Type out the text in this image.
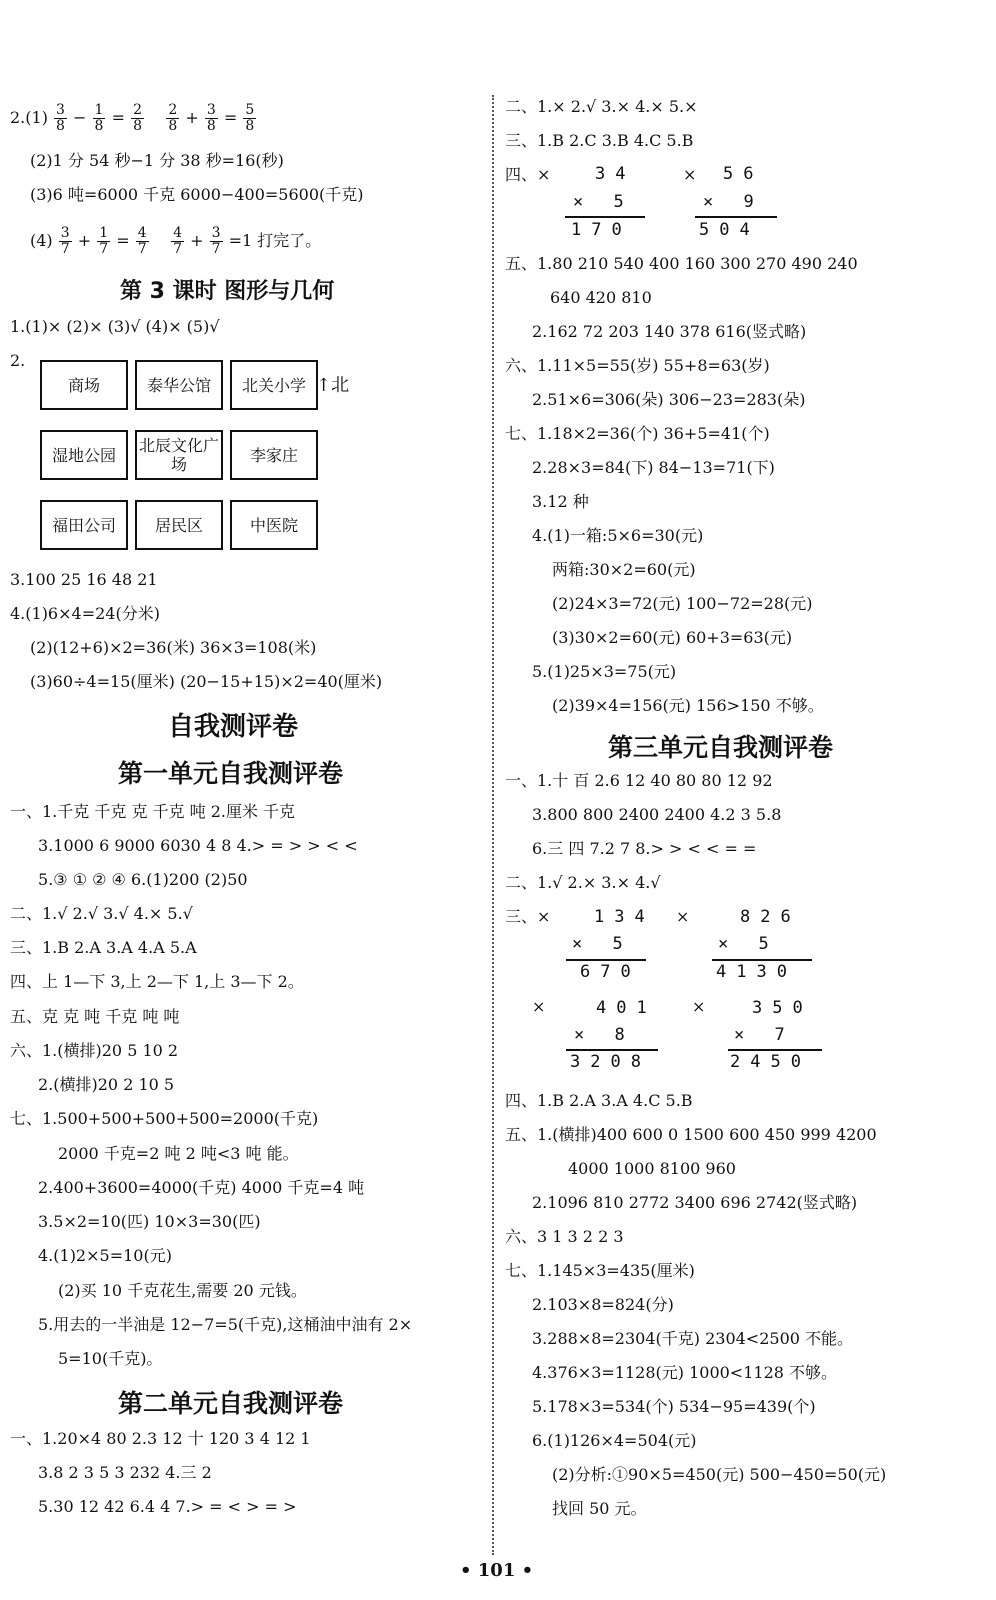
$2.(1) \frac{3}{8} - \frac{1}{8} = \frac{2}{8}$
$\frac{2}{8} + \frac{3}{8} = \frac{5}{8}$
(2)1 分 54 秒−1 分 38 秒=16(秒)
(3)6 吨=6000 千克 6000−400=5600(千克)
$(4) \frac{3}{7} + \frac{1}{7} = \frac{4}{7}$
$\frac{4}{7} + \frac{3}{7} =1$ 打完了。
第 3 课时 图形与几何
1.(1)× (2)× (3)√ (4)× (5)√
2.
商场	泰华公馆	北关小学
湿地公园	北辰文化广场	李家庄
福田公司	居民区	中医院
↑北
3.100 25 16 48 21
4.(1)6×4=24(分米)
(2)(12+6)×2=36(米) 36×3=108(米)
(3)60÷4=15(厘米) (20−15+15)×2=40(厘米)
自我测评卷
第一单元自我测评卷
一、1.千克 千克 克 千克 吨 2.厘米 千克
3.1000 6 9000 6030 4 8 4.> = > > < <
5.③ ① ② ④ 6.(1)200 (2)50
二、1.√ 2.√ 3.√ 4.× 5.√
三、1.B 2.A 3.A 4.A 5.A
四、上 1—下 3,上 2—下 1,上 3—下 2。
五、克 克 吨 千克 吨 吨
六、1.(横排)20 5 10 2
2.(横排)20 2 10 5
七、1.500+500+500+500=2000(千克)
2000 千克=2 吨 2 吨<3 吨 能。
2.400+3600=4000(千克) 4000 千克=4 吨
3.5×2=10(匹) 10×3=30(匹)
4.(1)2×5=10(元)
(2)买 10 千克花生,需要 20 元钱。
5.用去的一半油是 12−7=5(千克),这桶油中油有 2×
5=10(千克)。
第二单元自我测评卷
一、1.20×4 80 2.3 12 十 120 3 4 12 1
3.8 2 3 5 3 232 4.三 2
5.30 12 42 6.4 4 7.> = < > = >
二、1.× 2.√ 3.× 4.× 5.×
三、1.B 2.C 3.B 4.C 5.B
四、×	×
34
× 5
170
56
× 9
504
五、1.80 210 540 400 160 300 270 490 240
640 420 810
2.162 72 203 140 378 616(竖式略)
六、1.11×5=55(岁) 55+8=63(岁)
2.51×6=306(朵) 306−23=283(朵)
七、1.18×2=36(个) 36+5=41(个)
2.28×3=84(下) 84−13=71(下)
3.12 种
4.(1)一箱:5×6=30(元)
两箱:30×2=60(元)
(2)24×3=72(元) 100−72=28(元)
(3)30×2=60(元) 60+3=63(元)
5.(1)25×3=75(元)
(2)39×4=156(元) 156>150 不够。
第三单元自我测评卷
一、1.十 百 2.6 12 40 80 80 12 92
3.800 800 2400 2400 4.2 3 5.8
6.三 四 7.2 7 8.> > < < = =
二、1.√ 2.× 3.× 4.√
三、×	×
×	×
134
× 5
670
826
× 5
4130
401
× 8
3208
350
× 7
2450
四、1.B 2.A 3.A 4.C 5.B
五、1.(横排)400 600 0 1500 600 450 999 4200
4000 1000 8100 960
2.1096 810 2772 3400 696 2742(竖式略)
六、3 1 3 2 2 3
七、1.145×3=435(厘米)
2.103×8=824(分)
3.288×8=2304(千克) 2304<2500 不能。
4.376×3=1128(元) 1000<1128 不够。
5.178×3=534(个) 534−95=439(个)
6.(1)126×4=504(元)
(2)分析:①90×5=450(元) 500−450=50(元)
找回 50 元。
• 101 •
